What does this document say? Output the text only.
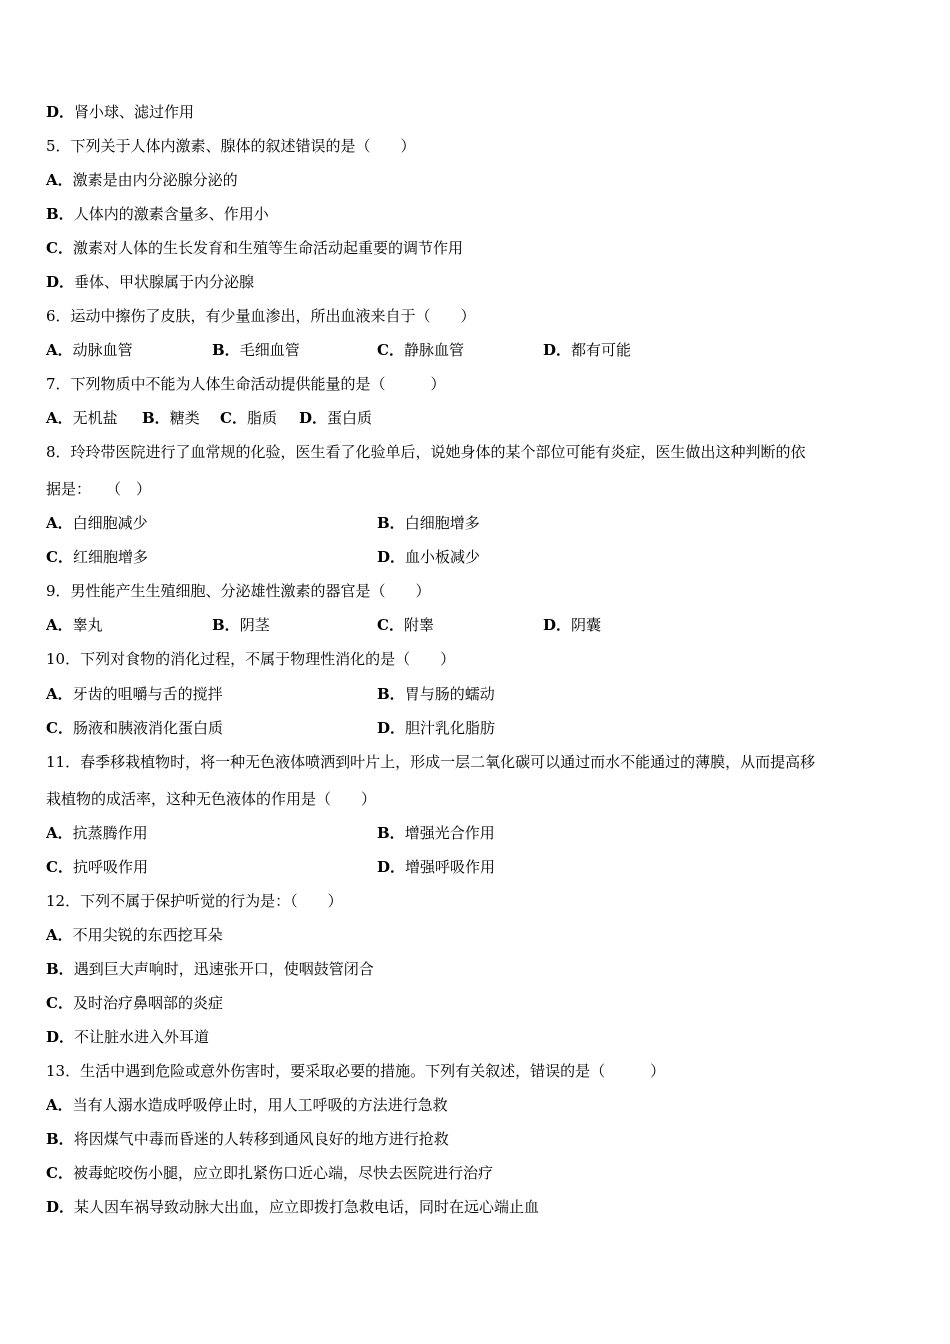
D．肾小球、滤过作用
5．下列关于人体内激素、腺体的叙述错误的是（　　）
A．激素是由内分泌腺分泌的
B．人体内的激素含量多、作用小
C．激素对人体的生长发育和生殖等生命活动起重要的调节作用
D．垂体、甲状腺属于内分泌腺
6．运动中擦伤了皮肤，有少量血渗出，所出血液来自于（　　）
A．动脉血管	B．毛细血管	C．静脉血管	D．都有可能
7．下列物质中不能为人体生命活动提供能量的是（　　　）
A．无机盐 B．糖类 C．脂质 D．蛋白质
8．玲玲带医院进行了血常规的化验，医生看了化验单后，说她身体的某个部位可能有炎症，医生做出这种判断的依
据是：　　（　）
A．白细胞减少	B．白细胞增多
C．红细胞增多	D．血小板减少
9．男性能产生生殖细胞、分泌雄性激素的器官是（　　）
A．睾丸	B．阴茎	C．附睾	D．阴囊
10．下列对食物的消化过程，不属于物理性消化的是（　　）
A．牙齿的咀嚼与舌的搅拌	B．胃与肠的蠕动
C．肠液和胰液消化蛋白质	D．胆汁乳化脂肪
11．春季移栽植物时，将一种无色液体喷洒到叶片上，形成一层二氧化碳可以通过而水不能通过的薄膜，从而提高移
栽植物的成活率，这种无色液体的作用是（　　）
A．抗蒸腾作用	B．增强光合作用
C．抗呼吸作用	D．增强呼吸作用
12．下列不属于保护听觉的行为是：（　　）
A．不用尖锐的东西挖耳朵
B．遇到巨大声响时，迅速张开口，使咽鼓管闭合
C．及时治疗鼻咽部的炎症
D．不让脏水进入外耳道
13．生活中遇到危险或意外伤害时，要采取必要的措施。下列有关叙述，错误的是（　　　）
A．当有人溺水造成呼吸停止时，用人工呼吸的方法进行急救
B．将因煤气中毒而昏迷的人转移到通风良好的地方进行抢救
C．被毒蛇咬伤小腿，应立即扎紧伤口近心端，尽快去医院进行治疗
D．某人因车祸导致动脉大出血，应立即拨打急救电话，同时在远心端止血
